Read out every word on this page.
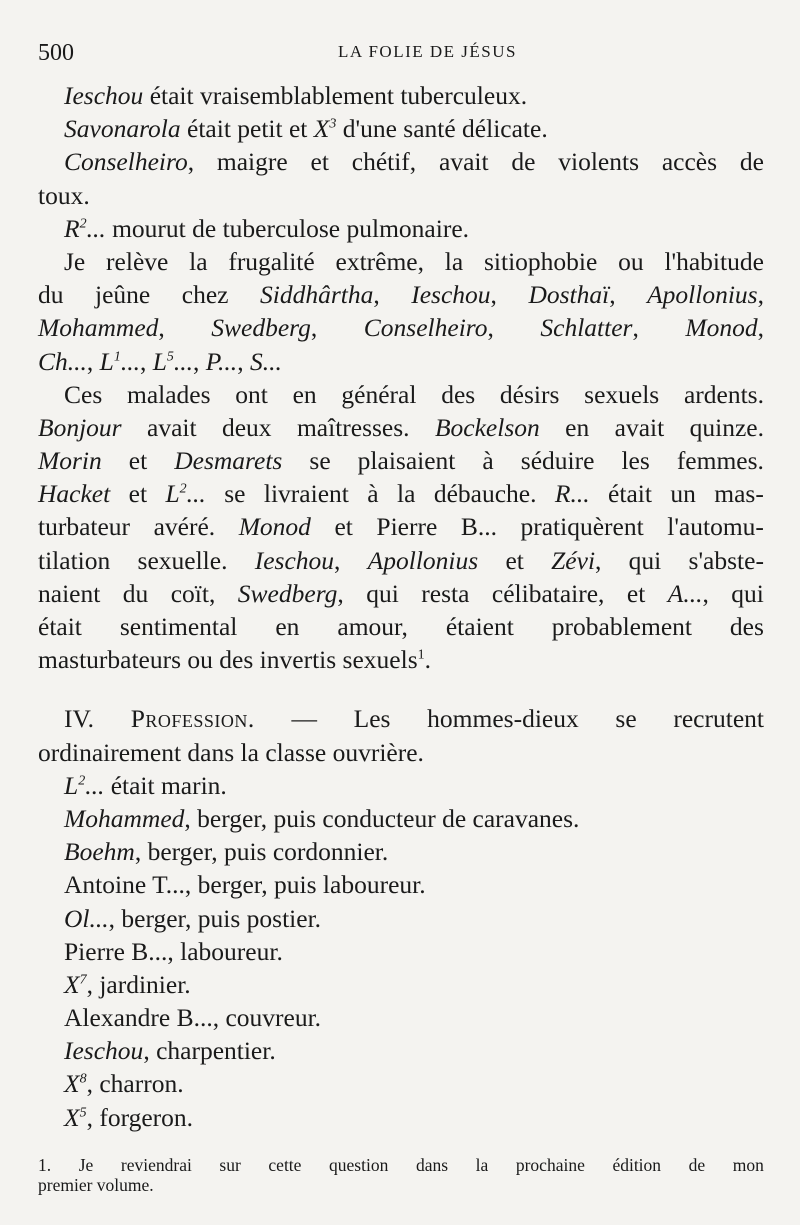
500	LA FOLIE DE JÉSUS
Ieschou était vraisemblablement tuberculeux.
Savonarola était petit et $X^3$ d'une santé délicate.
Conselheiro, maigre et chétif, avait de violents accès de
toux.
$R^2$... mourut de tuberculose pulmonaire.
Je relève la frugalité extrême, la sitiophobie ou l'habitude
du jeûne chez Siddhârtha, Ieschou, Dosthaï, Apollonius,
Mohammed, Swedberg, Conselheiro, Schlatter, Monod,
Ch..., $L^1$..., $L^5$..., P..., S...
Ces malades ont en général des désirs sexuels ardents.
Bonjour avait deux maîtresses. Bockelson en avait quinze.
Morin et Desmarets se plaisaient à séduire les femmes.
Hacket et $L^2$... se livraient à la débauche. R... était un mas-
turbateur avéré. Monod et Pierre B... pratiquèrent l'automu-
tilation sexuelle. Ieschou, Apollonius et Zévi, qui s'abste-
naient du coït, Swedberg, qui resta célibataire, et A..., qui
était sentimental en amour, étaient probablement des
masturbateurs ou des invertis sexuels$^1$.
IV. Profession. — Les hommes-dieux se recrutent
ordinairement dans la classe ouvrière.
$L^2$... était marin.
Mohammed, berger, puis conducteur de caravanes.
Boehm, berger, puis cordonnier.
Antoine T..., berger, puis laboureur.
Ol..., berger, puis postier.
Pierre B..., laboureur.
$X^7$, jardinier.
Alexandre B..., couvreur.
Ieschou, charpentier.
$X^8$, charron.
$X^5$, forgeron.
1. Je reviendrai sur cette question dans la prochaine édition de mon
premier volume.
